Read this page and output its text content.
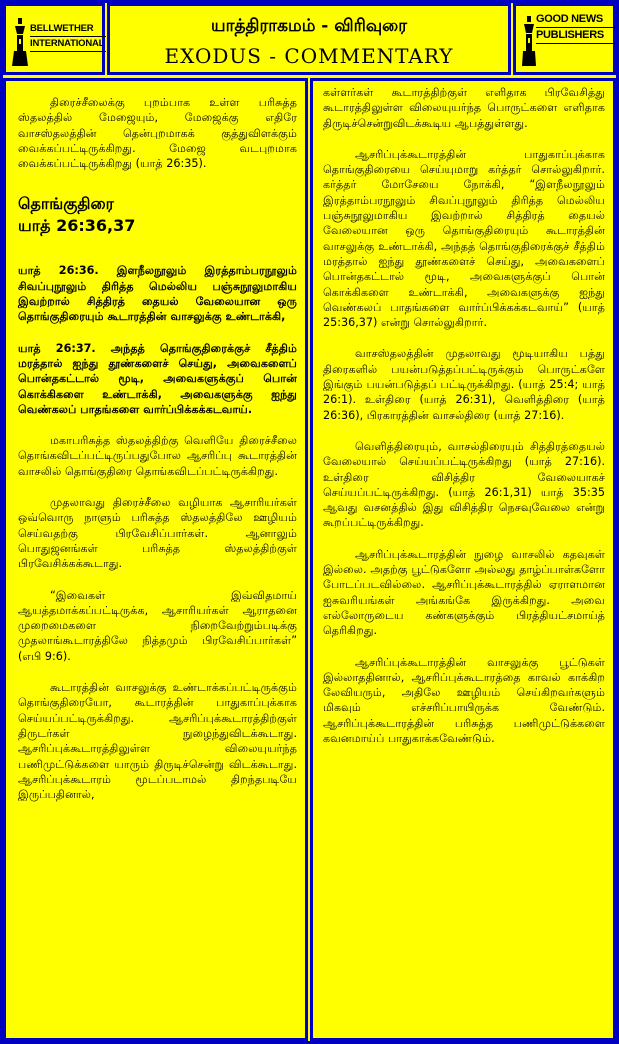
BELLWETHER
INTERNATIONAL
யாத்திராகமம் - விரிவுரை
EXODUS - COMMENTARY
GOOD NEWS
PUBLISHERS

திரைச்சீலைக்கு புறம்பாக உள்ள பரிசுத்த ஸ்தலத்தில் மேஜையும், மேஜைக்கு எதிரே வாசஸ்தலத்தின் தென்புறமாகக் குத்துவிளக்கும் வைக்கப்பட்டிருக்கிறது. மேஜை வடபுறமாக வைக்கப்பட்டிருக்கிறது (யாத் 26:35).

தொங்குதிரை
யாத் 26:36,37

யாத் 26:36. இளநீலநூலும் இரத்தாம்பரநூலும் சிவப்புநூலும் திரித்த மெல்லிய பஞ்சுநூலுமாகிய இவற்றால் சித்திரத் தையல் வேலையான ஒரு தொங்குதிரையும் கூடாரத்தின் வாசலுக்கு உண்டாக்கி,

யாத் 26:37. அந்தத் தொங்குதிரைக்குச் சீத்திம் மரத்தால் ஐந்து தூண்களைச் செய்து, அவைகளைப் பொன்தகட்டால் மூடி, அவைகளுக்குப் பொன் கொக்கிகளை உண்டாக்கி, அவைகளுக்கு ஐந்து வெண்கலப் பாதங்களை வார்ப்பிக்கக்கடவாய்.

மகாபரிசுத்த ஸ்தலத்திற்கு வெளியே திரைச்சீலை தொங்கவிடப்பட்டிருப்பதுபோல ஆசரிப்பு கூடாரத்தின் வாசலில் தொங்குதிரை தொங்கவிடப்பட்டிருக்கிறது.

முதலாவது திரைச்சீலை வழியாக ஆசாரியர்கள் ஒவ்வொரு நாளும் பரிசுத்த ஸ்தலத்திலே ஊழியம் செய்வதற்கு பிரவேசிப்பார்கள். ஆனாலும் பொதுஜனங்கள் பரிசுத்த ஸ்தலத்திற்குள் பிரவேசிக்கக்கூடாது.

“இவைகள் இவ்விதமாய் ஆயத்தமாக்கப்பட்டிருக்க, ஆசாரியர்கள் ஆராதனை முறைமைகளை நிறைவேற்றும்படிக்கு முதலாங்கூடாரத்திலே நித்தமும் பிரவேசிப்பார்கள்” (எபி 9:6).

கூடாரத்தின் வாசலுக்கு உண்டாக்கப்பட்டிருக்கும் தொங்குதிரையோ, கூடாரத்தின் பாதுகாப்புக்காக செய்யப்பட்டிருக்கிறது. ஆசரிப்புக்கூடாரத்திற்குள் திருடர்கள் நுழைந்துவிடக்கூடாது. ஆசரிப்புக்கூடாரத்திலுள்ள விலையுயர்ந்த பணிமுட்டுக்களை யாரும் திருடிச்சென்று விடக்கூடாது. ஆசரிப்புக்கூடாரம் மூடப்படாமல் திறந்தபடியே இருப்பதினால்,

கள்ளர்கள் கூடாரத்திற்குள் எளிதாக பிரவேசித்து கூடாரத்திலுள்ள விலையுயர்ந்த பொருட்களை எளிதாக திருடிச்சென்றுவிடக்கூடிய ஆபத்துள்ளது.

ஆசரிப்புக்கூடாரத்தின் பாதுகாப்புக்காக தொங்குதிரையை செய்யுமாறு கர்த்தர் சொல்லுகிறார். கர்த்தர் மோசேயை நோக்கி, “இளநீலநூலும் இரத்தாம்பரநூலும் சிவப்புநூலும் திரித்த மெல்லிய பஞ்சுநூலுமாகிய இவற்றால் சித்திரத் தையல் வேலையான ஒரு தொங்குதிரையும் கூடாரத்தின் வாசலுக்கு உண்டாக்கி, அந்தத் தொங்குதிரைக்குச் சீத்திம் மரத்தால் ஐந்து தூண்களைச் செய்து, அவைகளைப் பொன்தகட்டால் மூடி, அவைகளுக்குப் பொன் கொக்கிகளை உண்டாக்கி, அவைகளுக்கு ஐந்து வெண்கலப் பாதங்களை வார்ப்பிக்கக்கடவாய்” (யாத் 25:36,37) என்று சொல்லுகிறார்.

வாசஸ்தலத்தின் முதலாவது மூடியாகிய பத்து திரைகளில் பயன்படுத்தப்பட்டிருக்கும் பொருட்களே இங்கும் பயன்படுத்தப் பட்டிருக்கிறது. (யாத் 25:4; யாத் 26:1). உள்திரை (யாத் 26:31), வெளித்திரை (யாத் 26:36), பிரகாரத்தின் வாசல்திரை (யாத் 27:16).

வெளித்திரையும், வாசல்திரையும் சித்திரத்தையல் வேலையால் செய்யப்பட்டிருக்கிறது (யாத் 27:16). உள்திரை விசித்திர வேலையாகச் செய்யப்பட்டிருக்கிறது. (யாத் 26:1,31) யாத் 35:35 ஆவது வசனத்தில் இது விசித்திர நெசவுவேலை என்று கூறப்பட்டிருக்கிறது.

ஆசரிப்புக்கூடாரத்தின் நுழை வாசலில் கதவுகள் இல்லை. அதற்கு பூட்டுகளோ அல்லது தாழ்ப்பாள்களோ போடப்படவில்லை. ஆசரிப்புக்கூடாரத்தில் ஏராளமான ஐசுவரியங்கள் அங்கங்கே இருக்கிறது. அவை எல்லோருடைய கண்களுக்கும் பிரத்தியட்சமாய்த் தெரிகிறது.

ஆசரிப்புக்கூடாரத்தின் வாசலுக்கு பூட்டுகள் இல்லாததினால், ஆசரிப்புக்கூடாரத்தை காவல் காக்கிற லேவியரும், அதிலே ஊழியம் செய்கிறவர்களும் மிகவும் எச்சரிப்பாயிருக்க வேண்டும். ஆசரிப்புக்கூடாரத்தின் பரிசுத்த பணிமுட்டுக்களை கவனமாய்ப் பாதுகாக்கவேண்டும்.
